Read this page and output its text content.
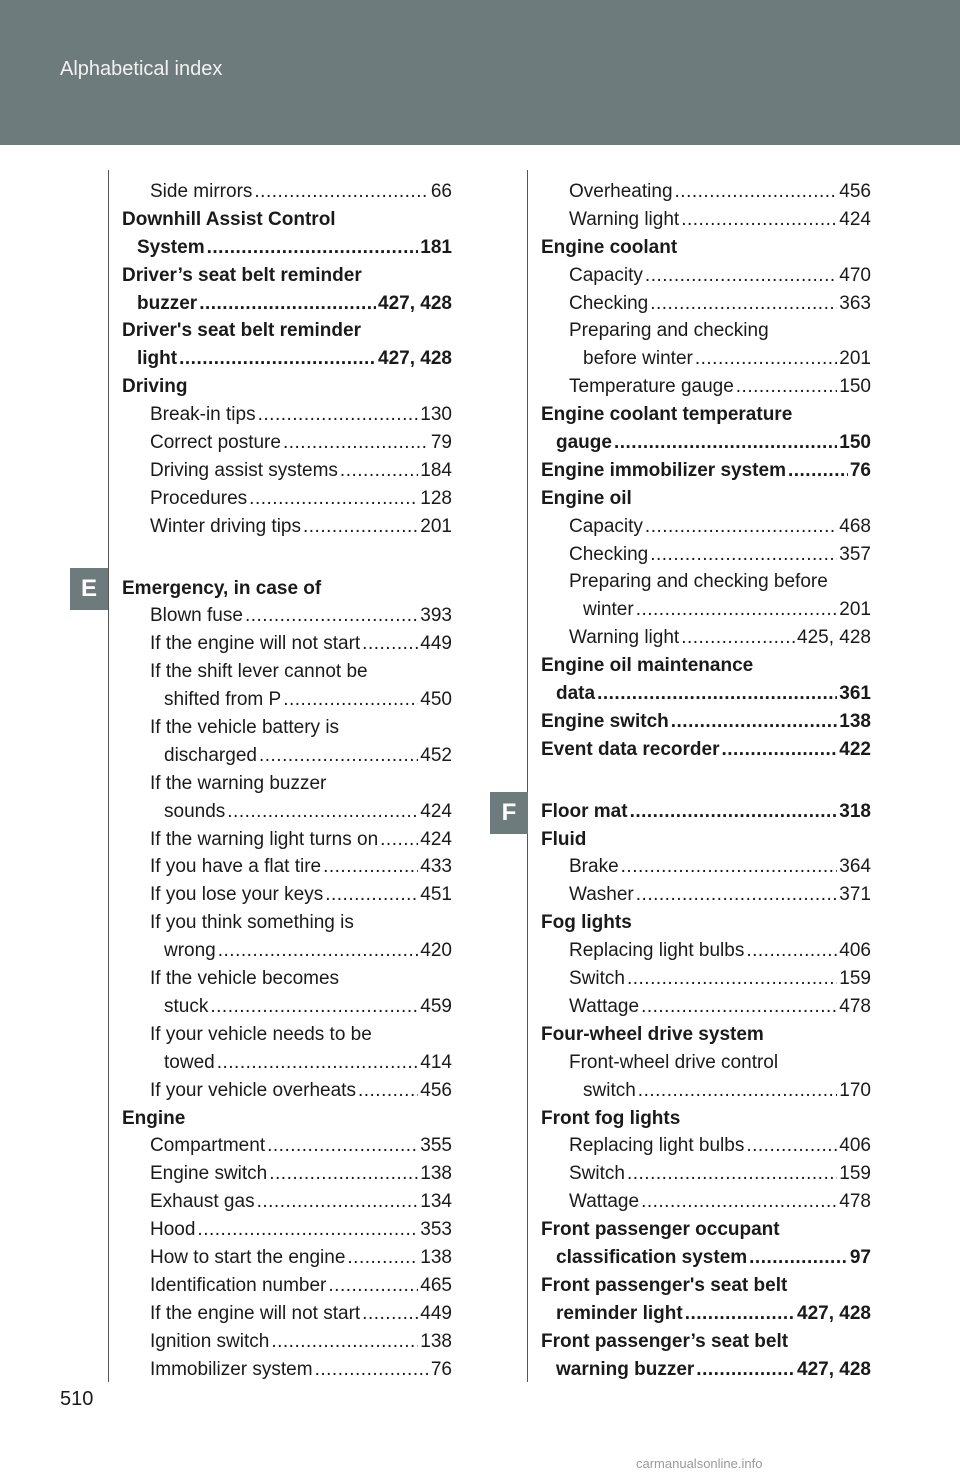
Alphabetical index
E
F
Side mirrors .....	66
Downhill Assist Control
System .....	181
Driver’s seat belt reminder
buzzer .....	427, 428
Driver's seat belt reminder
light .....	427, 428
Driving
Break-in tips .....	130
Correct posture .....	79
Driving assist systems .....	184
Procedures .....	128
Winter driving tips .....	201
Emergency, in case of
Blown fuse .....	393
If the engine will not start .....	449
If the shift lever cannot be
shifted from P .....	450
If the vehicle battery is
discharged .....	452
If the warning buzzer
sounds .....	424
If the warning light turns on ..... 424
If you have a flat tire .....	433
If you lose your keys .....	451
If you think something is
wrong .....	420
If the vehicle becomes
stuck .....	459
If your vehicle needs to be
towed .....	414
If your vehicle overheats .....	456
Engine
Compartment .....	355
Engine switch .....	138
Exhaust gas .....	134
Hood .....	353
How to start the engine .....	138
Identification number .....	465
If the engine will not start .....	449
Ignition switch .....	138
Immobilizer system .....	76
Overheating .....	456
Warning light .....	424
Engine coolant
Capacity .....	470
Checking .....	363
Preparing and checking
before winter .....	201
Temperature gauge .....	150
Engine coolant temperature
gauge .....	150
Engine immobilizer system .....	76
Engine oil
Capacity .....	468
Checking .....	357
Preparing and checking before
winter .....	201
Warning light .....	425, 428
Engine oil maintenance
data .....	361
Engine switch .....	138
Event data recorder .....	422
Floor mat .....	318
Fluid
Brake .....	364
Washer .....	371
Fog lights
Replacing light bulbs .....	406
Switch .....	159
Wattage .....	478
Four-wheel drive system
Front-wheel drive control
switch .....	170
Front fog lights
Replacing light bulbs .....	406
Switch .....	159
Wattage .....	478
Front passenger occupant
classification system .....	97
Front passenger's seat belt
reminder light .....	427, 428
Front passenger’s seat belt
warning buzzer .....	427, 428
510
carmanualsonline.info
